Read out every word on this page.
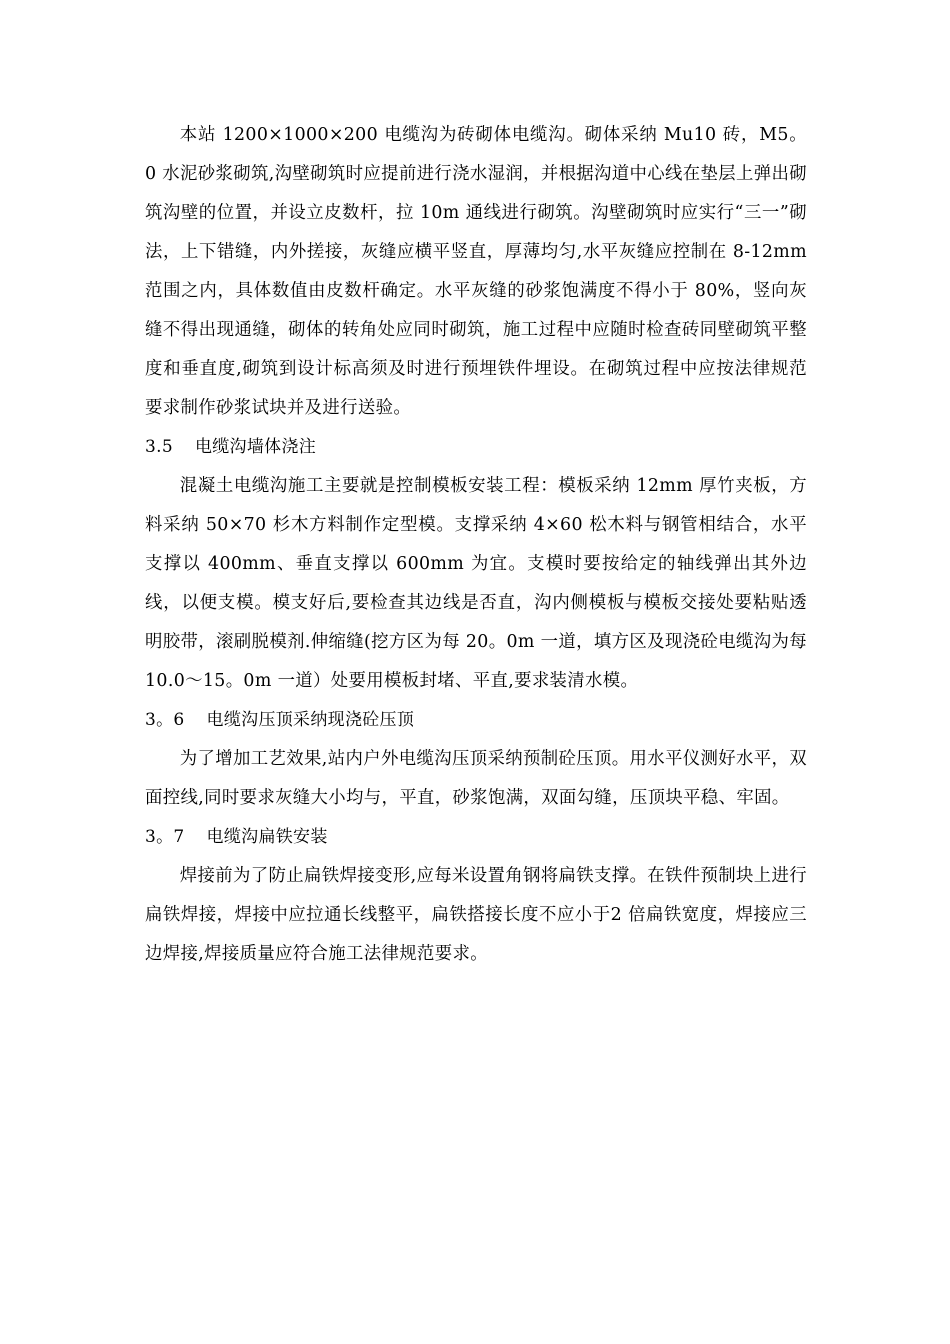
本站 1200×1000×200 电缆沟为砖砌体电缆沟。砌体采纳 Mu10 砖，M5。0 水泥砂浆砌筑,沟壁砌筑时应提前进行浇水湿润，并根据沟道中心线在垫层上弹出砌筑沟壁的位置，并设立皮数杆，拉 10m 通线进行砌筑。沟壁砌筑时应实行“三一”砌法，上下错缝，内外搓接，灰缝应横平竖直，厚薄均匀,水平灰缝应控制在 8-12mm 范围之内，具体数值由皮数杆确定。水平灰缝的砂浆饱满度不得小于 80%，竖向灰缝不得出现通缝，砌体的转角处应同时砌筑，施工过程中应随时检查砖同壁砌筑平整度和垂直度,砌筑到设计标高须及时进行预埋铁件埋设。在砌筑过程中应按法律规范要求制作砂浆试块并及进行送验。

3.5 电缆沟墙体浇注

混凝土电缆沟施工主要就是控制模板安装工程：模板采纳 12mm 厚竹夹板，方料采纳 50×70 杉木方料制作定型模。支撑采纳 4×60 松木料与钢管相结合，水平支撑以 400mm、垂直支撑以 600mm 为宜。支模时要按给定的轴线弹出其外边线，以便支模。模支好后,要检查其边线是否直，沟内侧模板与模板交接处要粘贴透明胶带，滚刷脱模剂.伸缩缝(挖方区为每 20。0m 一道，填方区及现浇砼电缆沟为每 10.0～15。0m 一道）处要用模板封堵、平直,要求装清水模。

3。6 电缆沟压顶采纳现浇砼压顶

为了增加工艺效果,站内户外电缆沟压顶采纳预制砼压顶。用水平仪测好水平，双面控线,同时要求灰缝大小均与，平直，砂浆饱满，双面勾缝，压顶块平稳、牢固。

3。7 电缆沟扁铁安装

焊接前为了防止扁铁焊接变形,应每米设置角钢将扁铁支撑。在铁件预制块上进行扁铁焊接，焊接中应拉通长线整平，扁铁搭接长度不应小于2 倍扁铁宽度，焊接应三边焊接,焊接质量应符合施工法律规范要求。
